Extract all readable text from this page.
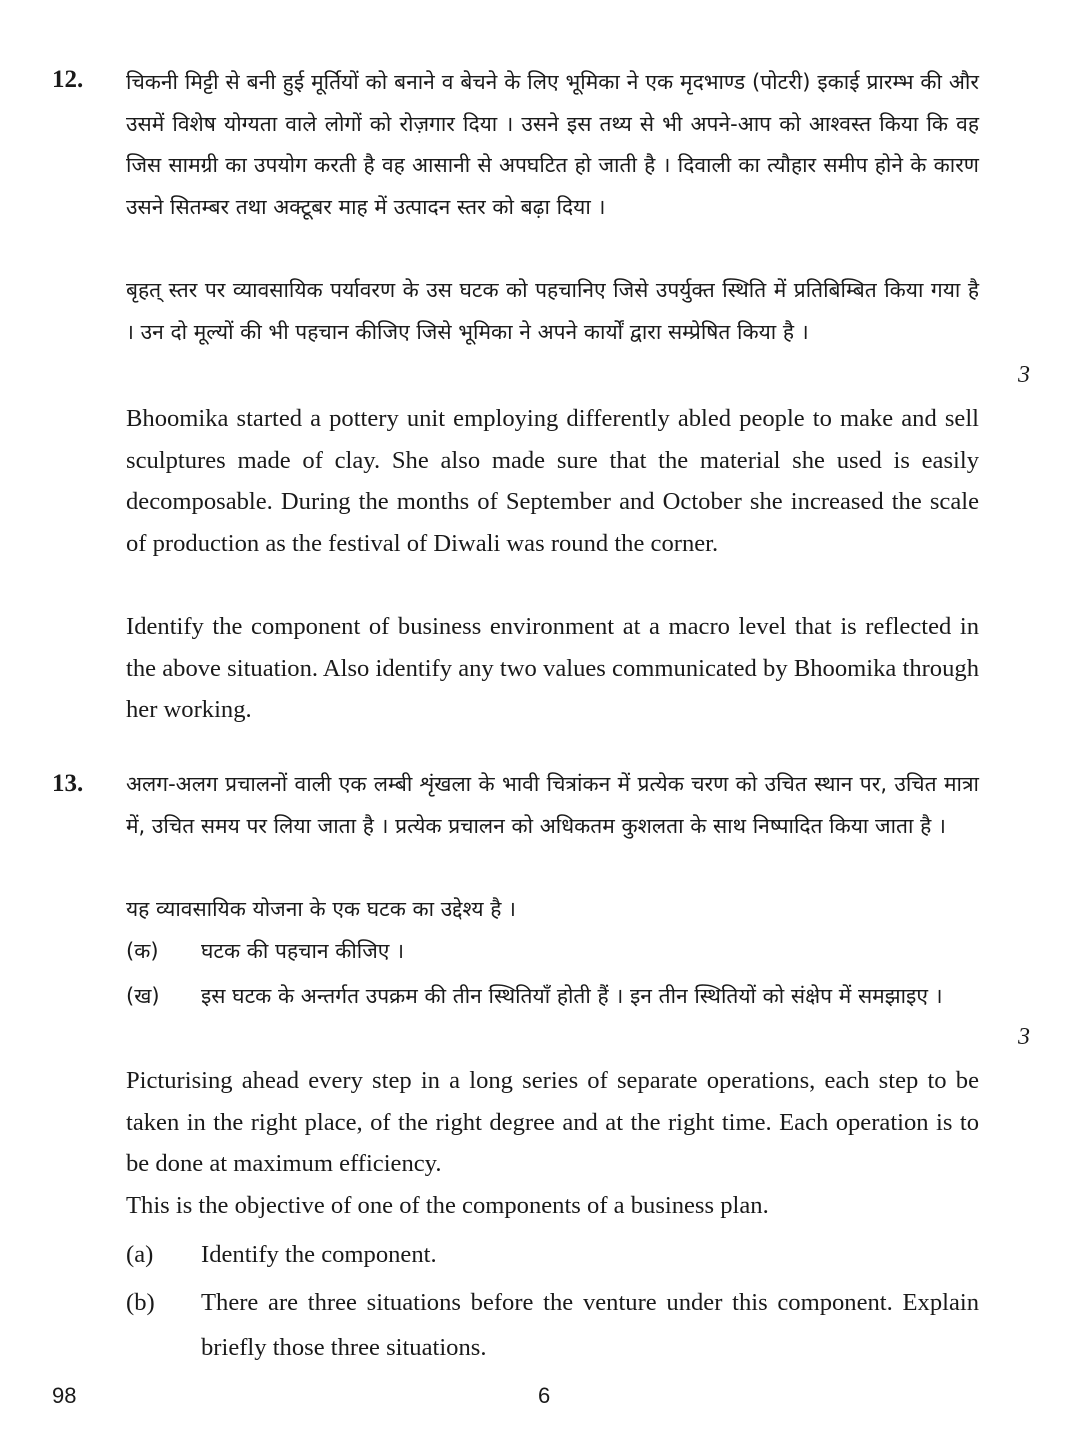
12. चिकनी मिट्टी से बनी हुई मूर्तियों को बनाने व बेचने के लिए भूमिका ने एक मृदभाण्ड (पोटरी) इकाई प्रारम्भ की और उसमें विशेष योग्यता वाले लोगों को रोज़गार दिया । उसने इस तथ्य से भी अपने-आप को आश्वस्त किया कि वह जिस सामग्री का उपयोग करती है वह आसानी से अपघटित हो जाती है । दिवाली का त्यौहार समीप होने के कारण उसने सितम्बर तथा अक्टूबर माह में उत्पादन स्तर को बढ़ा दिया ।

बृहत् स्तर पर व्यावसायिक पर्यावरण के उस घटक को पहचानिए जिसे उपर्युक्त स्थिति में प्रतिबिम्बित किया गया है । उन दो मूल्यों की भी पहचान कीजिए जिसे भूमिका ने अपने कार्यों द्वारा सम्प्रेषित किया है ।

3

Bhoomika started a pottery unit employing differently abled people to make and sell sculptures made of clay. She also made sure that the material she used is easily decomposable. During the months of September and October she increased the scale of production as the festival of Diwali was round the corner.

Identify the component of business environment at a macro level that is reflected in the above situation. Also identify any two values communicated by Bhoomika through her working.

13. अलग-अलग प्रचालनों वाली एक लम्बी शृंखला के भावी चित्रांकन में प्रत्येक चरण को उचित स्थान पर, उचित मात्रा में, उचित समय पर लिया जाता है । प्रत्येक प्रचालन को अधिकतम कुशलता के साथ निष्पादित किया जाता है ।

यह व्यावसायिक योजना के एक घटक का उद्देश्य है ।

(क) घटक की पहचान कीजिए ।
(ख) इस घटक के अन्तर्गत उपक्रम की तीन स्थितियाँ होती हैं । इन तीन स्थितियों को संक्षेप में समझाइए ।
3

Picturising ahead every step in a long series of separate operations, each step to be taken in the right place, of the right degree and at the right time. Each operation is to be done at maximum efficiency.

This is the objective of one of the components of a business plan.

(a) Identify the component.
(b) There are three situations before the venture under this component. Explain briefly those three situations.
98	6
